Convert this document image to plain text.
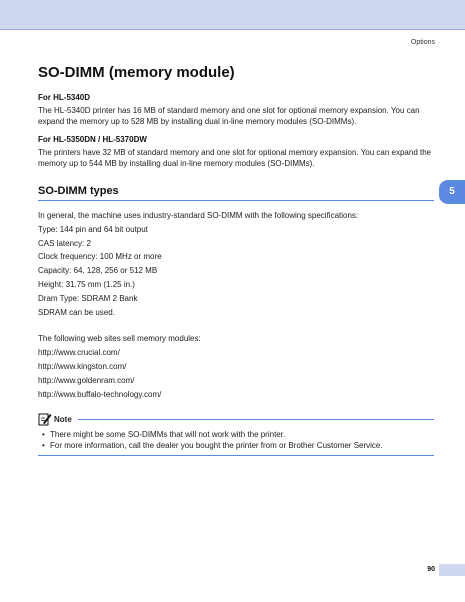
Options
5
SO-DIMM (memory module)
For HL-5340D

The HL-5340D printer has 16 MB of standard memory and one slot for optional memory expansion. You can expand the memory up to 528 MB by installing dual in-line memory modules (SO-DIMMs).

For HL-5350DN / HL-5370DW

The printers have 32 MB of standard memory and one slot for optional memory expansion. You can expand the memory up to 544 MB by installing dual in-line memory modules (SO-DIMMs).

SO-DIMM types
In general, the machine uses industry-standard SO-DIMM with the following specifications:
Type: 144 pin and 64 bit output
CAS latency: 2
Clock frequency: 100 MHz or more
Capacity: 64, 128, 256 or 512 MB
Height: 31.75 mm (1.25 in.)
Dram Type: SDRAM 2 Bank
SDRAM can be used.
The following web sites sell memory modules:
http://www.crucial.com/
http://www.kingston.com/
http://www.goldenram.com/
http://www.buffalo-technology.com/
Note
• There might be some SO-DIMMs that will not work with the printer.
• For more information, call the dealer you bought the printer from or Brother Customer Service.
90
